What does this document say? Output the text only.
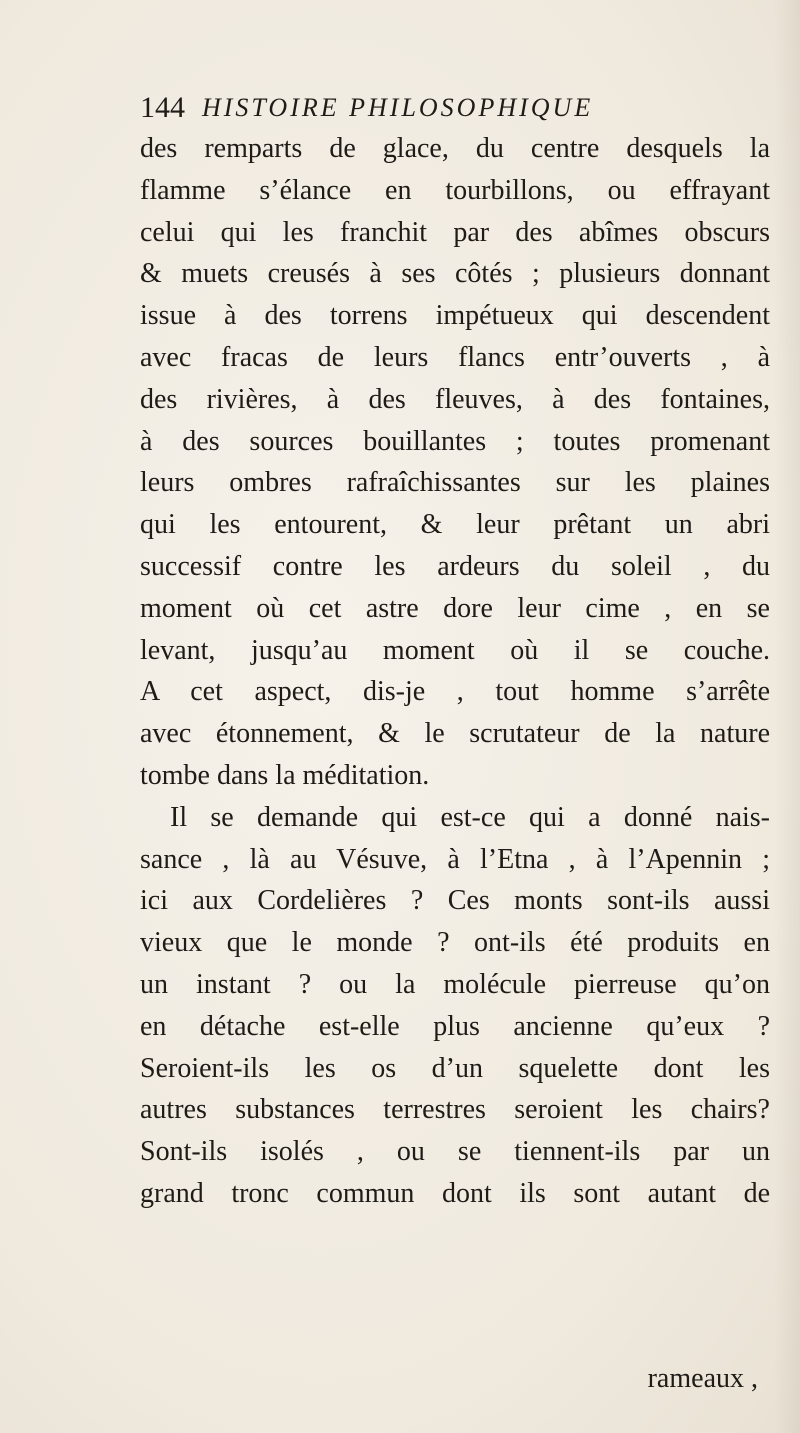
144 HISTOIRE PHILOSOPHIQUE
des remparts de glace, du centre desquels la
flamme s’élance en tourbillons, ou effrayant
celui qui les franchit par des abîmes obscurs
& muets creusés à ses côtés ; plusieurs donnant
issue à des torrens impétueux qui descendent
avec fracas de leurs flancs entr’ouverts , à
des rivières, à des fleuves, à des fontaines,
à des sources bouillantes ; toutes promenant
leurs ombres rafraîchissantes sur les plaines
qui les entourent, & leur prêtant un abri
successif contre les ardeurs du soleil , du
moment où cet astre dore leur cime , en se
levant, jusqu’au moment où il se couche.
A cet aspect, dis-je , tout homme s’arrête
avec étonnement, & le scrutateur de la nature
tombe dans la méditation.
Il se demande qui est-ce qui a donné nais-
sance , là au Vésuve, à l’Etna , à l’Apennin ;
ici aux Cordelières ? Ces monts sont-ils aussi
vieux que le monde ? ont-ils été produits en
un instant ? ou la molécule pierreuse qu’on
en détache est-elle plus ancienne qu’eux ?
Seroient-ils les os d’un squelette dont les
autres substances terrestres seroient les chairs?
Sont-ils isolés , ou se tiennent-ils par un
grand tronc commun dont ils sont autant de
rameaux ,
